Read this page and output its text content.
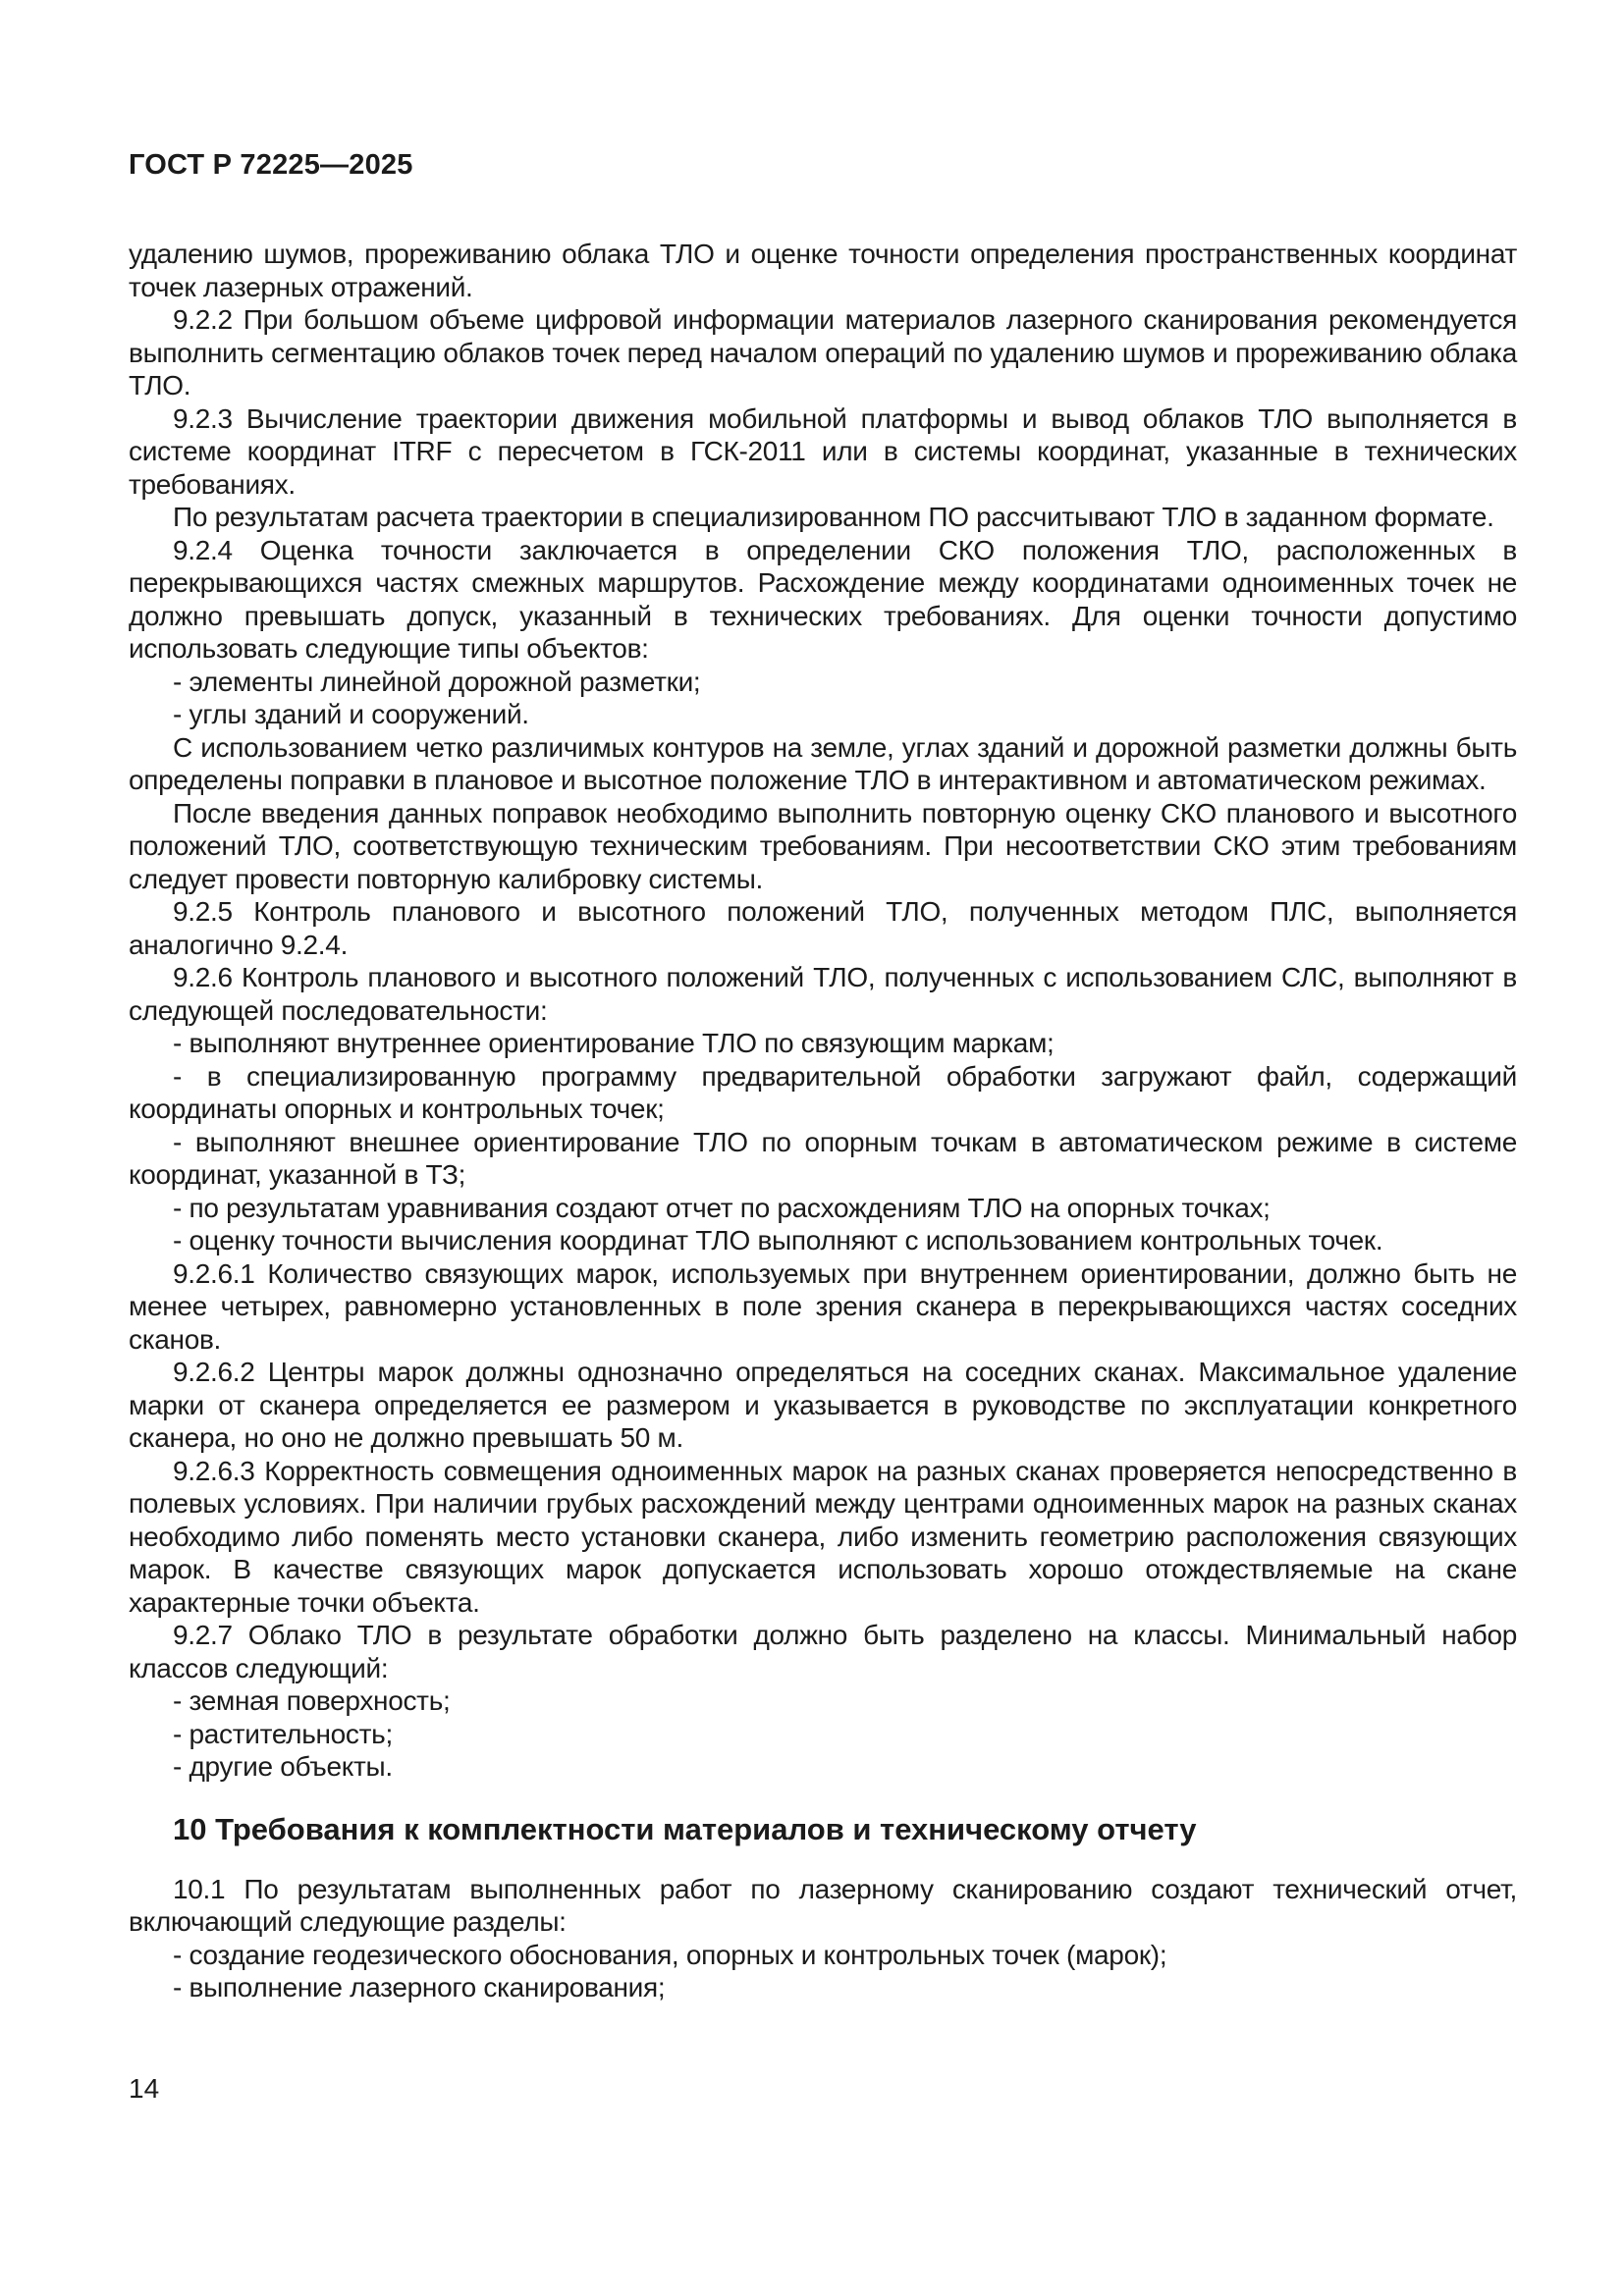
ГОСТ Р 72225—2025

удалению шумов, прореживанию облака ТЛО и оценке точности определения пространственных координат точек лазерных отражений.

9.2.2 При большом объеме цифровой информации материалов лазерного сканирования рекомендуется выполнить сегментацию облаков точек перед началом операций по удалению шумов и прореживанию облака ТЛО.

9.2.3 Вычисление траектории движения мобильной платформы и вывод облаков ТЛО выполняется в системе координат ITRF с пересчетом в ГСК-2011 или в системы координат, указанные в технических требованиях.

По результатам расчета траектории в специализированном ПО рассчитывают ТЛО в заданном формате.

9.2.4 Оценка точности заключается в определении СКО положения ТЛО, расположенных в перекрывающихся частях смежных маршрутов. Расхождение между координатами одноименных точек не должно превышать допуск, указанный в технических требованиях. Для оценки точности допустимо использовать следующие типы объектов:

- элементы линейной дорожной разметки;

- углы зданий и сооружений.

С использованием четко различимых контуров на земле, углах зданий и дорожной разметки должны быть определены поправки в плановое и высотное положение ТЛО в интерактивном и автоматическом режимах.

После введения данных поправок необходимо выполнить повторную оценку СКО планового и высотного положений ТЛО, соответствующую техническим требованиям. При несоответствии СКО этим требованиям следует провести повторную калибровку системы.

9.2.5 Контроль планового и высотного положений ТЛО, полученных методом ПЛС, выполняется аналогично 9.2.4.

9.2.6 Контроль планового и высотного положений ТЛО, полученных с использованием СЛС, выполняют в следующей последовательности:

- выполняют внутреннее ориентирование ТЛО по связующим маркам;

- в специализированную программу предварительной обработки загружают файл, содержащий координаты опорных и контрольных точек;

- выполняют внешнее ориентирование ТЛО по опорным точкам в автоматическом режиме в системе координат, указанной в ТЗ;

- по результатам уравнивания создают отчет по расхождениям ТЛО на опорных точках;

- оценку точности вычисления координат ТЛО выполняют с использованием контрольных точек.

9.2.6.1 Количество связующих марок, используемых при внутреннем ориентировании, должно быть не менее четырех, равномерно установленных в поле зрения сканера в перекрывающихся частях соседних сканов.

9.2.6.2 Центры марок должны однозначно определяться на соседних сканах. Максимальное удаление марки от сканера определяется ее размером и указывается в руководстве по эксплуатации конкретного сканера, но оно не должно превышать 50 м.

9.2.6.3 Корректность совмещения одноименных марок на разных сканах проверяется непосредственно в полевых условиях. При наличии грубых расхождений между центрами одноименных марок на разных сканах необходимо либо поменять место установки сканера, либо изменить геометрию расположения связующих марок. В качестве связующих марок допускается использовать хорошо отождествляемые на скане характерные точки объекта.

9.2.7 Облако ТЛО в результате обработки должно быть разделено на классы. Минимальный набор классов следующий:

- земная поверхность;

- растительность;

- другие объекты.

10 Требования к комплектности материалов и техническому отчету

10.1 По результатам выполненных работ по лазерному сканированию создают технический отчет, включающий следующие разделы:

- создание геодезического обоснования, опорных и контрольных точек (марок);

- выполнение лазерного сканирования;

14
